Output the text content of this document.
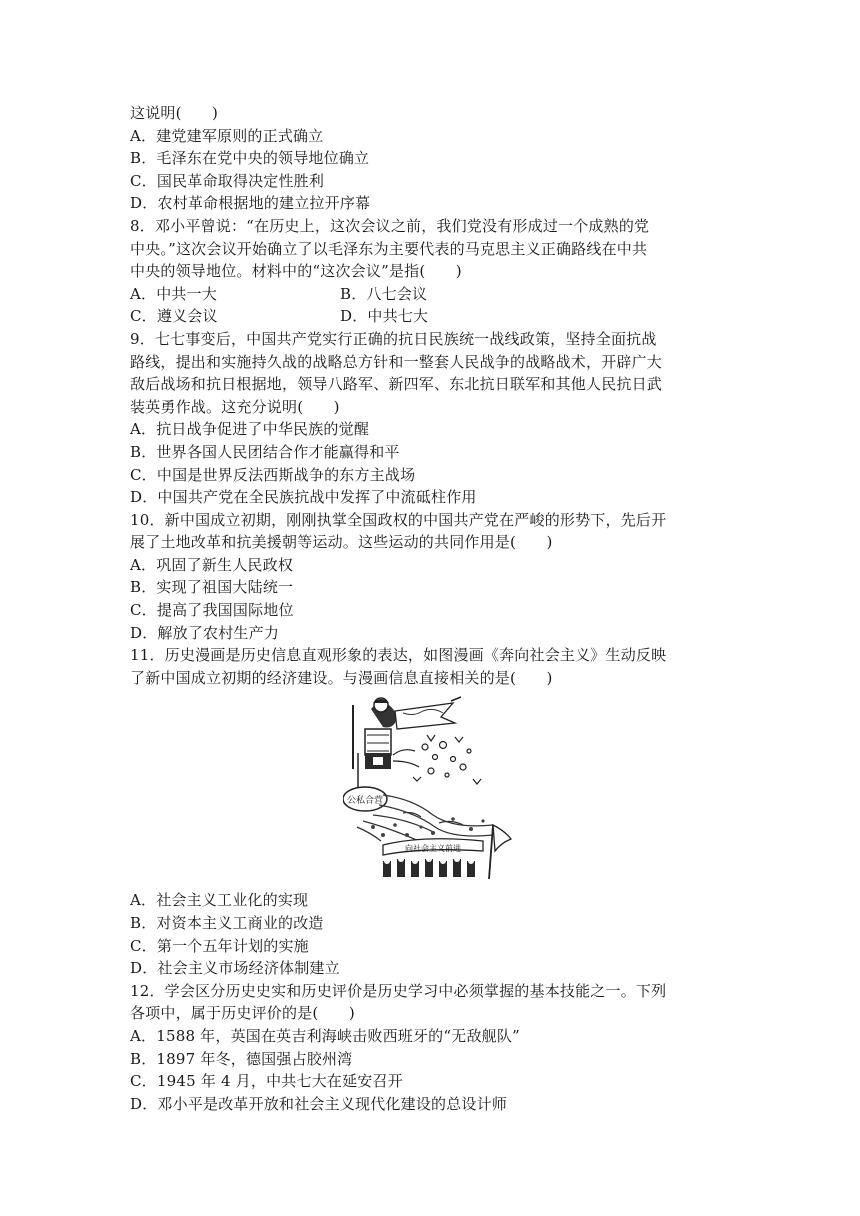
这说明(　　)
A．建党建军原则的正式确立
B．毛泽东在党中央的领导地位确立
C．国民革命取得决定性胜利
D．农村革命根据地的建立拉开序幕
8．邓小平曾说：“在历史上，这次会议之前，我们党没有形成过一个成熟的党
中央。”这次会议开始确立了以毛泽东为主要代表的马克思主义正确路线在中共
中央的领导地位。材料中的“这次会议”是指(　　)
A．中共一大	B．八七会议
C．遵义会议	D．中共七大
9．七七事变后，中国共产党实行正确的抗日民族统一战线政策，坚持全面抗战
路线，提出和实施持久战的战略总方针和一整套人民战争的战略战术，开辟广大
敌后战场和抗日根据地，领导八路军、新四军、东北抗日联军和其他人民抗日武
装英勇作战。这充分说明(　　)
A．抗日战争促进了中华民族的觉醒
B．世界各国人民团结合作才能赢得和平
C．中国是世界反法西斯战争的东方主战场
D．中国共产党在全民族抗战中发挥了中流砥柱作用
10．新中国成立初期，刚刚执掌全国政权的中国共产党在严峻的形势下，先后开
展了土地改革和抗美援朝等运动。这些运动的共同作用是(　　)
A．巩固了新生人民政权
B．实现了祖国大陆统一
C．提高了我国国际地位
D．解放了农村生产力
11．历史漫画是历史信息直观形象的表达，如图漫画《奔向社会主义》生动反映
了新中国成立初期的经济建设。与漫画信息直接相关的是(　　)
公私合营
向社会主义前进
A．社会主义工业化的实现
B．对资本主义工商业的改造
C．第一个五年计划的实施
D．社会主义市场经济体制建立
12．学会区分历史史实和历史评价是历史学习中必须掌握的基本技能之一。下列
各项中，属于历史评价的是(　　)
A．1588 年，英国在英吉利海峡击败西班牙的“无敌舰队”
B．1897 年冬，德国强占胶州湾
C．1945 年 4 月，中共七大在延安召开
D．邓小平是改革开放和社会主义现代化建设的总设计师
